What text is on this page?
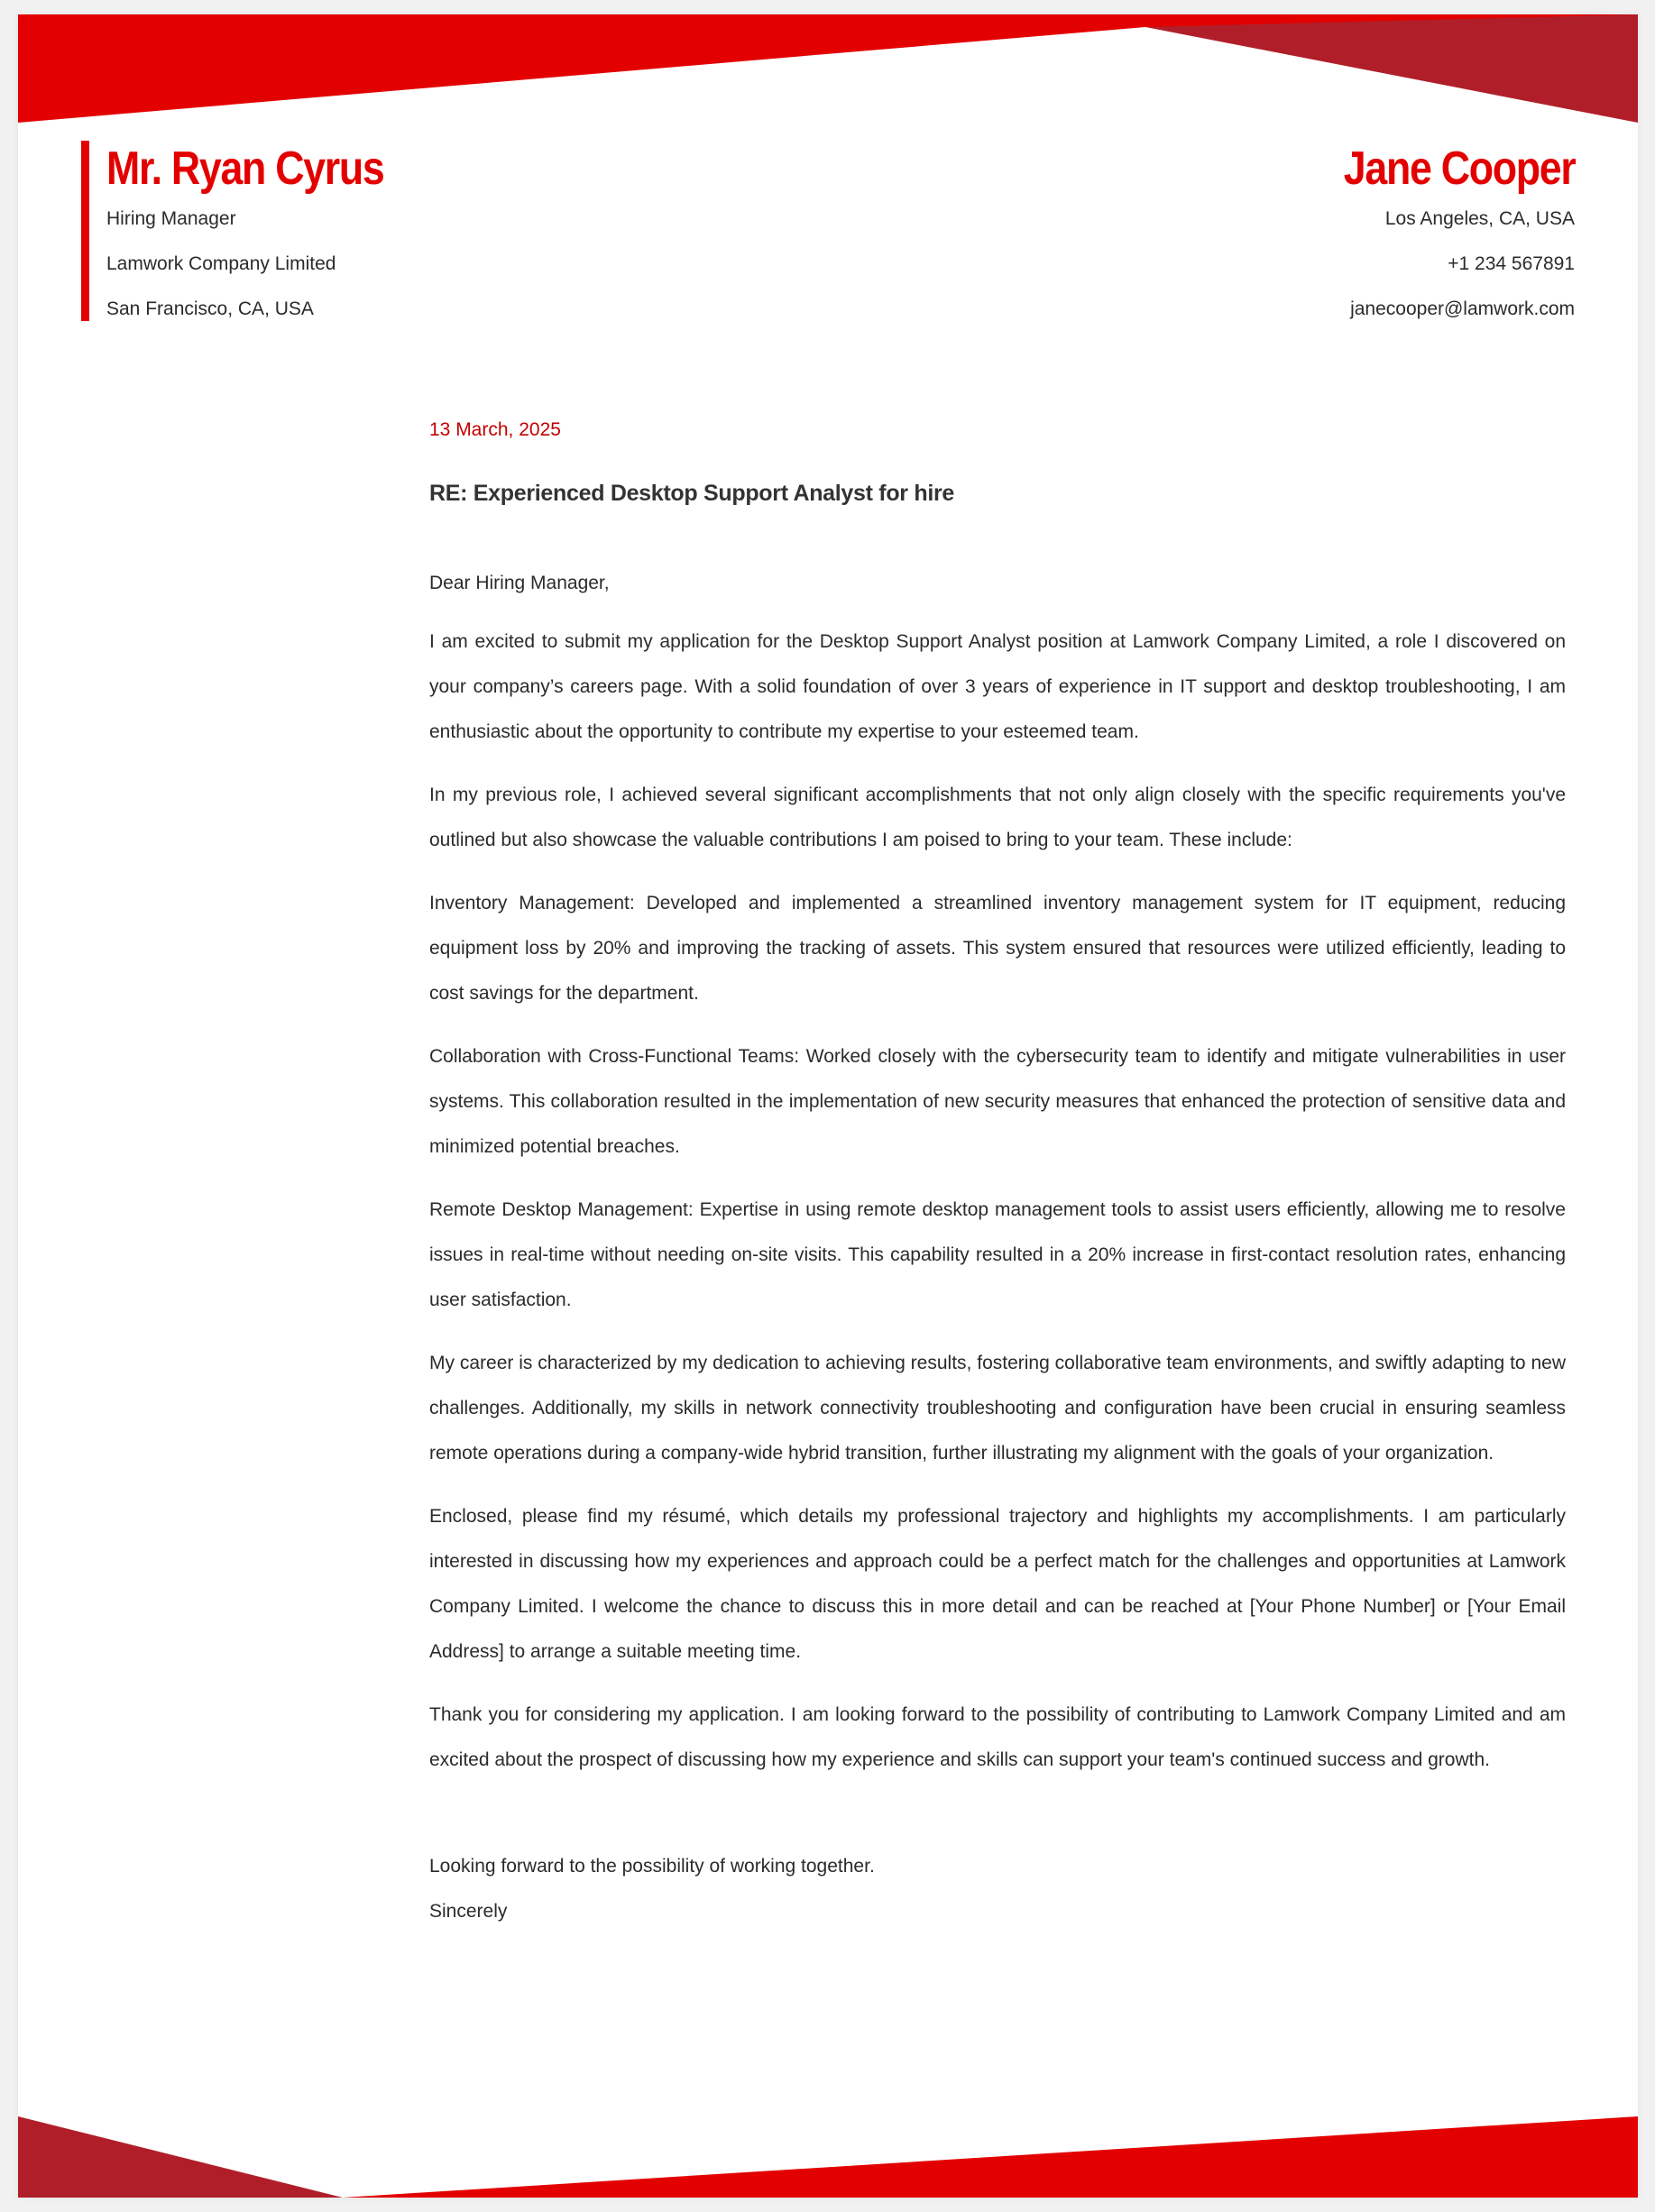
Mr. Ryan Cyrus
Hiring Manager
Lamwork Company Limited
San Francisco, CA, USA
Jane Cooper
Los Angeles, CA, USA
+1 234 567891
janecooper@lamwork.com
13 March, 2025
RE: Experienced Desktop Support Analyst for hire
Dear Hiring Manager,
I am excited to submit my application for the Desktop Support Analyst position at Lamwork Company Limited, a role I discovered on your company’s careers page. With a solid foundation of over 3 years of experience in IT support and desktop troubleshooting, I am enthusiastic about the opportunity to contribute my expertise to your esteemed team.
In my previous role, I achieved several significant accomplishments that not only align closely with the specific requirements you've outlined but also showcase the valuable contributions I am poised to bring to your team. These include:
Inventory Management: Developed and implemented a streamlined inventory management system for IT equipment, reducing equipment loss by 20% and improving the tracking of assets. This system ensured that resources were utilized efficiently, leading to cost savings for the department.
Collaboration with Cross-Functional Teams: Worked closely with the cybersecurity team to identify and mitigate vulnerabilities in user systems. This collaboration resulted in the implementation of new security measures that enhanced the protection of sensitive data and minimized potential breaches.
Remote Desktop Management: Expertise in using remote desktop management tools to assist users efficiently, allowing me to resolve issues in real-time without needing on-site visits. This capability resulted in a 20% increase in first-contact resolution rates, enhancing user satisfaction.
My career is characterized by my dedication to achieving results, fostering collaborative team environments, and swiftly adapting to new challenges. Additionally, my skills in network connectivity troubleshooting and configuration have been crucial in ensuring seamless remote operations during a company-wide hybrid transition, further illustrating my alignment with the goals of your organization.
Enclosed, please find my résumé, which details my professional trajectory and highlights my accomplishments. I am particularly interested in discussing how my experiences and approach could be a perfect match for the challenges and opportunities at Lamwork Company Limited. I welcome the chance to discuss this in more detail and can be reached at [Your Phone Number] or [Your Email Address] to arrange a suitable meeting time.
Thank you for considering my application. I am looking forward to the possibility of contributing to Lamwork Company Limited and am excited about the prospect of discussing how my experience and skills can support your team's continued success and growth.
Looking forward to the possibility of working together.
Sincerely
